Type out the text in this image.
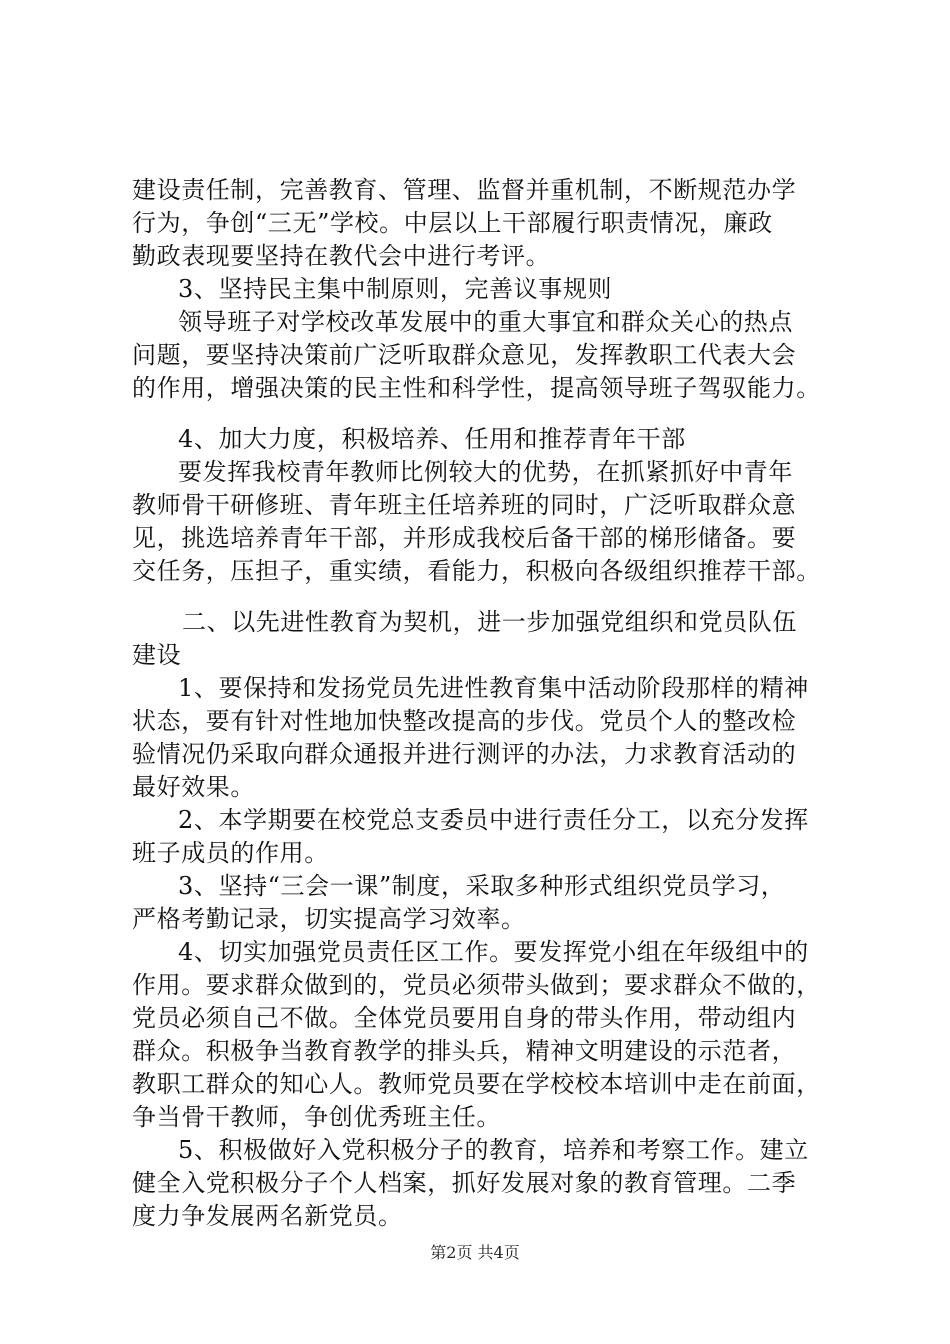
建设责任制，完善教育、管理、监督并重机制，不断规范办学
行为，争创“三无”学校。中层以上干部履行职责情况，廉政
勤政表现要坚持在教代会中进行考评。
3、坚持民主集中制原则，完善议事规则
领导班子对学校改革发展中的重大事宜和群众关心的热点
问题，要坚持决策前广泛听取群众意见，发挥教职工代表大会
的作用，增强决策的民主性和科学性，提高领导班子驾驭能力。
4、加大力度，积极培养、任用和推荐青年干部
要发挥我校青年教师比例较大的优势，在抓紧抓好中青年
教师骨干研修班、青年班主任培养班的同时，广泛听取群众意
见，挑选培养青年干部，并形成我校后备干部的梯形储备。要
交任务，压担子，重实绩，看能力，积极向各级组织推荐干部。
二、以先进性教育为契机，进一步加强党组织和党员队伍
建设
1、要保持和发扬党员先进性教育集中活动阶段那样的精神
状态，要有针对性地加快整改提高的步伐。党员个人的整改检
验情况仍采取向群众通报并进行测评的办法，力求教育活动的
最好效果。
2、本学期要在校党总支委员中进行责任分工，以充分发挥
班子成员的作用。
3、坚持“三会一课”制度，采取多种形式组织党员学习，
严格考勤记录，切实提高学习效率。
4、切实加强党员责任区工作。要发挥党小组在年级组中的
作用。要求群众做到的，党员必须带头做到；要求群众不做的，
党员必须自己不做。全体党员要用自身的带头作用，带动组内
群众。积极争当教育教学的排头兵，精神文明建设的示范者，
教职工群众的知心人。教师党员要在学校校本培训中走在前面，
争当骨干教师，争创优秀班主任。
5、积极做好入党积极分子的教育，培养和考察工作。建立
健全入党积极分子个人档案，抓好发展对象的教育管理。二季
度力争发展两名新党员。
第2页 共4页
